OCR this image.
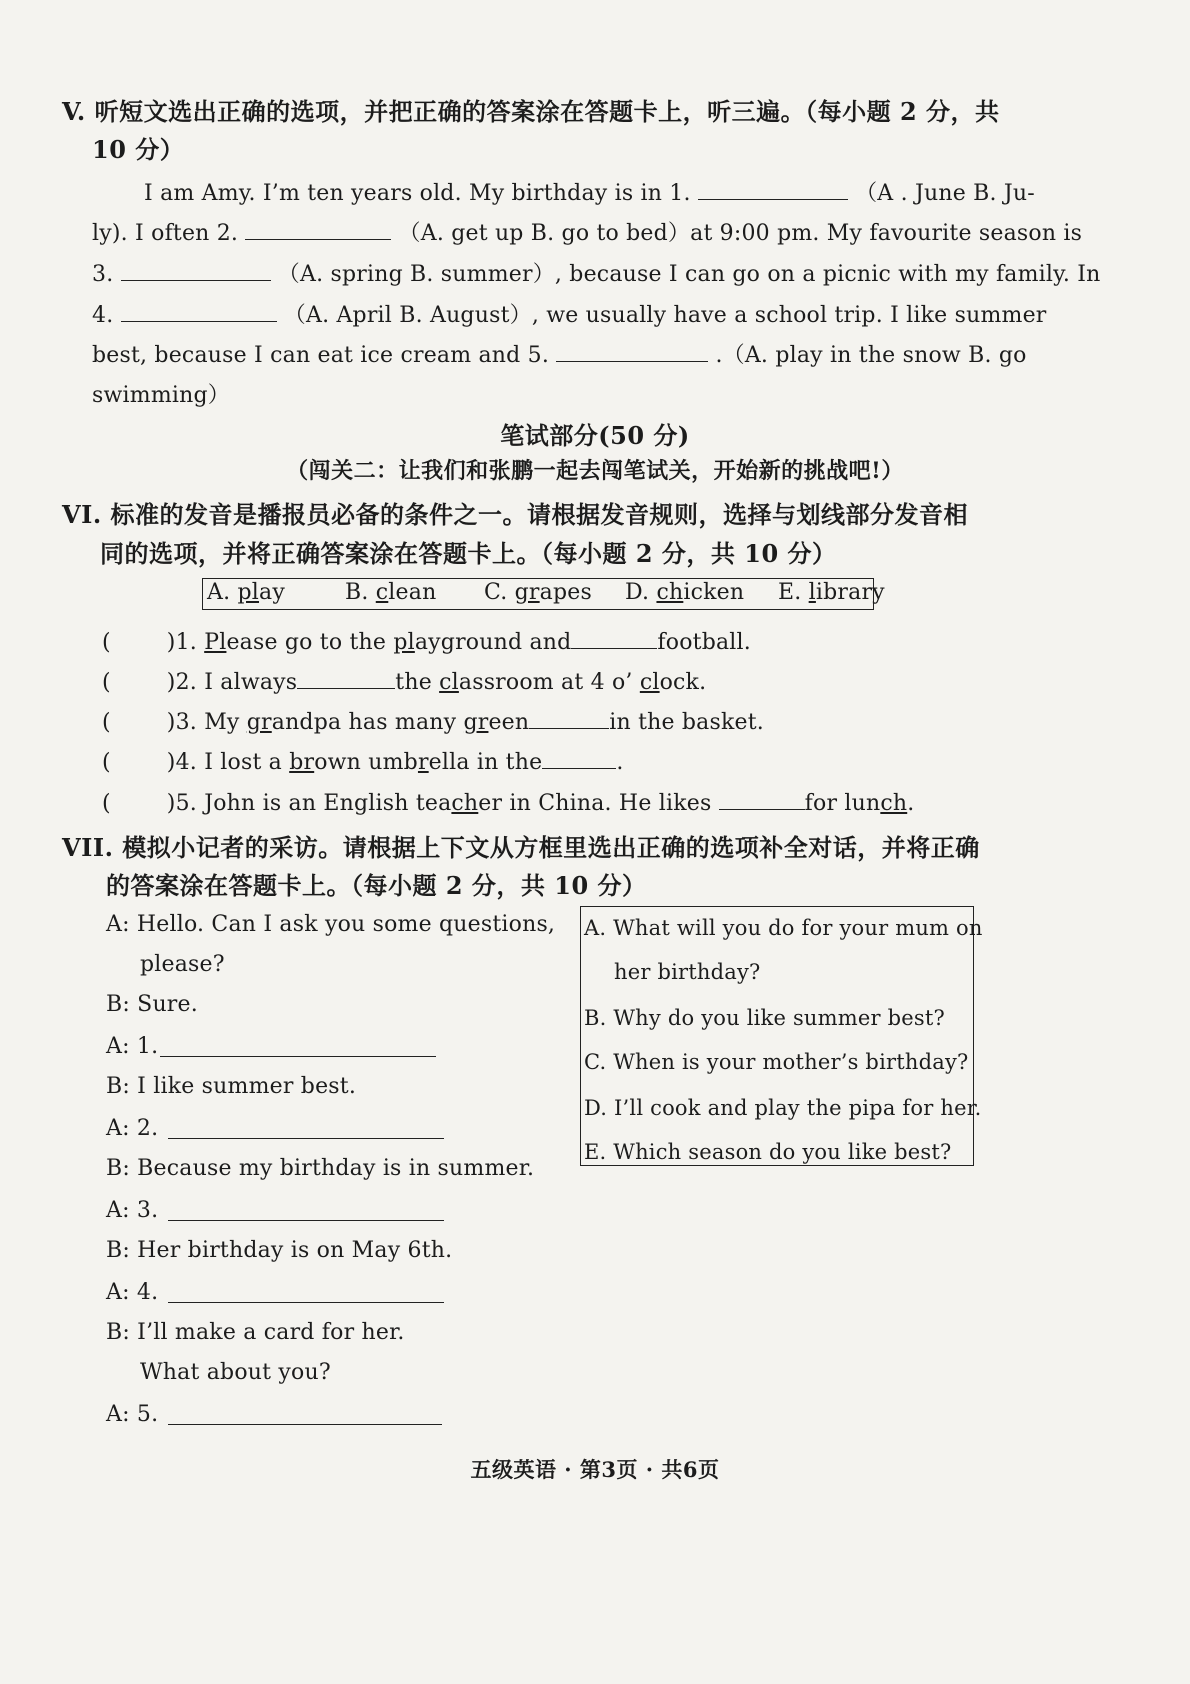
V. 听短文选出正确的选项，并把正确的答案涂在答题卡上，听三遍。（每小题 2 分，共
10 分）
I am Amy. I’m ten years old. My birthday is in 1.	（A . June B. Ju-
ly). I often 2.	（A. get up B. go to bed）at 9:00 pm. My favourite season is
3.	（A. spring B. summer）, because I can go on a picnic with my family. In
4.	（A. April B. August）, we usually have a school trip. I like summer
best, because I can eat ice cream and 5.	.（A. play in the snow B. go
swimming）
笔试部分(50 分)
（闯关二：让我们和张鹏一起去闯笔试关，开始新的挑战吧!）
VI. 标准的发音是播报员必备的条件之一。请根据发音规则，选择与划线部分发音相
同的选项，并将正确答案涂在答题卡上。（每小题 2 分，共 10 分）
A. play	B. clean C. grapes D. chicken E. library
(	)1. Please go to the playground and	football.
(	)2. I always	the classroom at 4 o’ clock.
(	)3. My grandpa has many green	in the basket.
(	)4. I lost a brown umbrella in the	.
(	)5. John is an English teacher in China. He likes	for lunch.
VII. 模拟小记者的采访。请根据上下文从方框里选出正确的选项补全对话，并将正确
的答案涂在答题卡上。（每小题 2 分，共 10 分）
A: Hello. Can I ask you some questions,
please?
B: Sure.
A: 1.
B: I like summer best.
A: 2.
B: Because my birthday is in summer.
A: 3.
B: Her birthday is on May 6th.
A: 4.
B: I’ll make a card for her.
What about you?
A: 5.
A. What will you do for your mum on
her birthday?
B. Why do you like summer best?
C. When is your mother’s birthday?
D. I’ll cook and play the pipa for her.
E. Which season do you like best?
五级英语 · 第3页 · 共6页
